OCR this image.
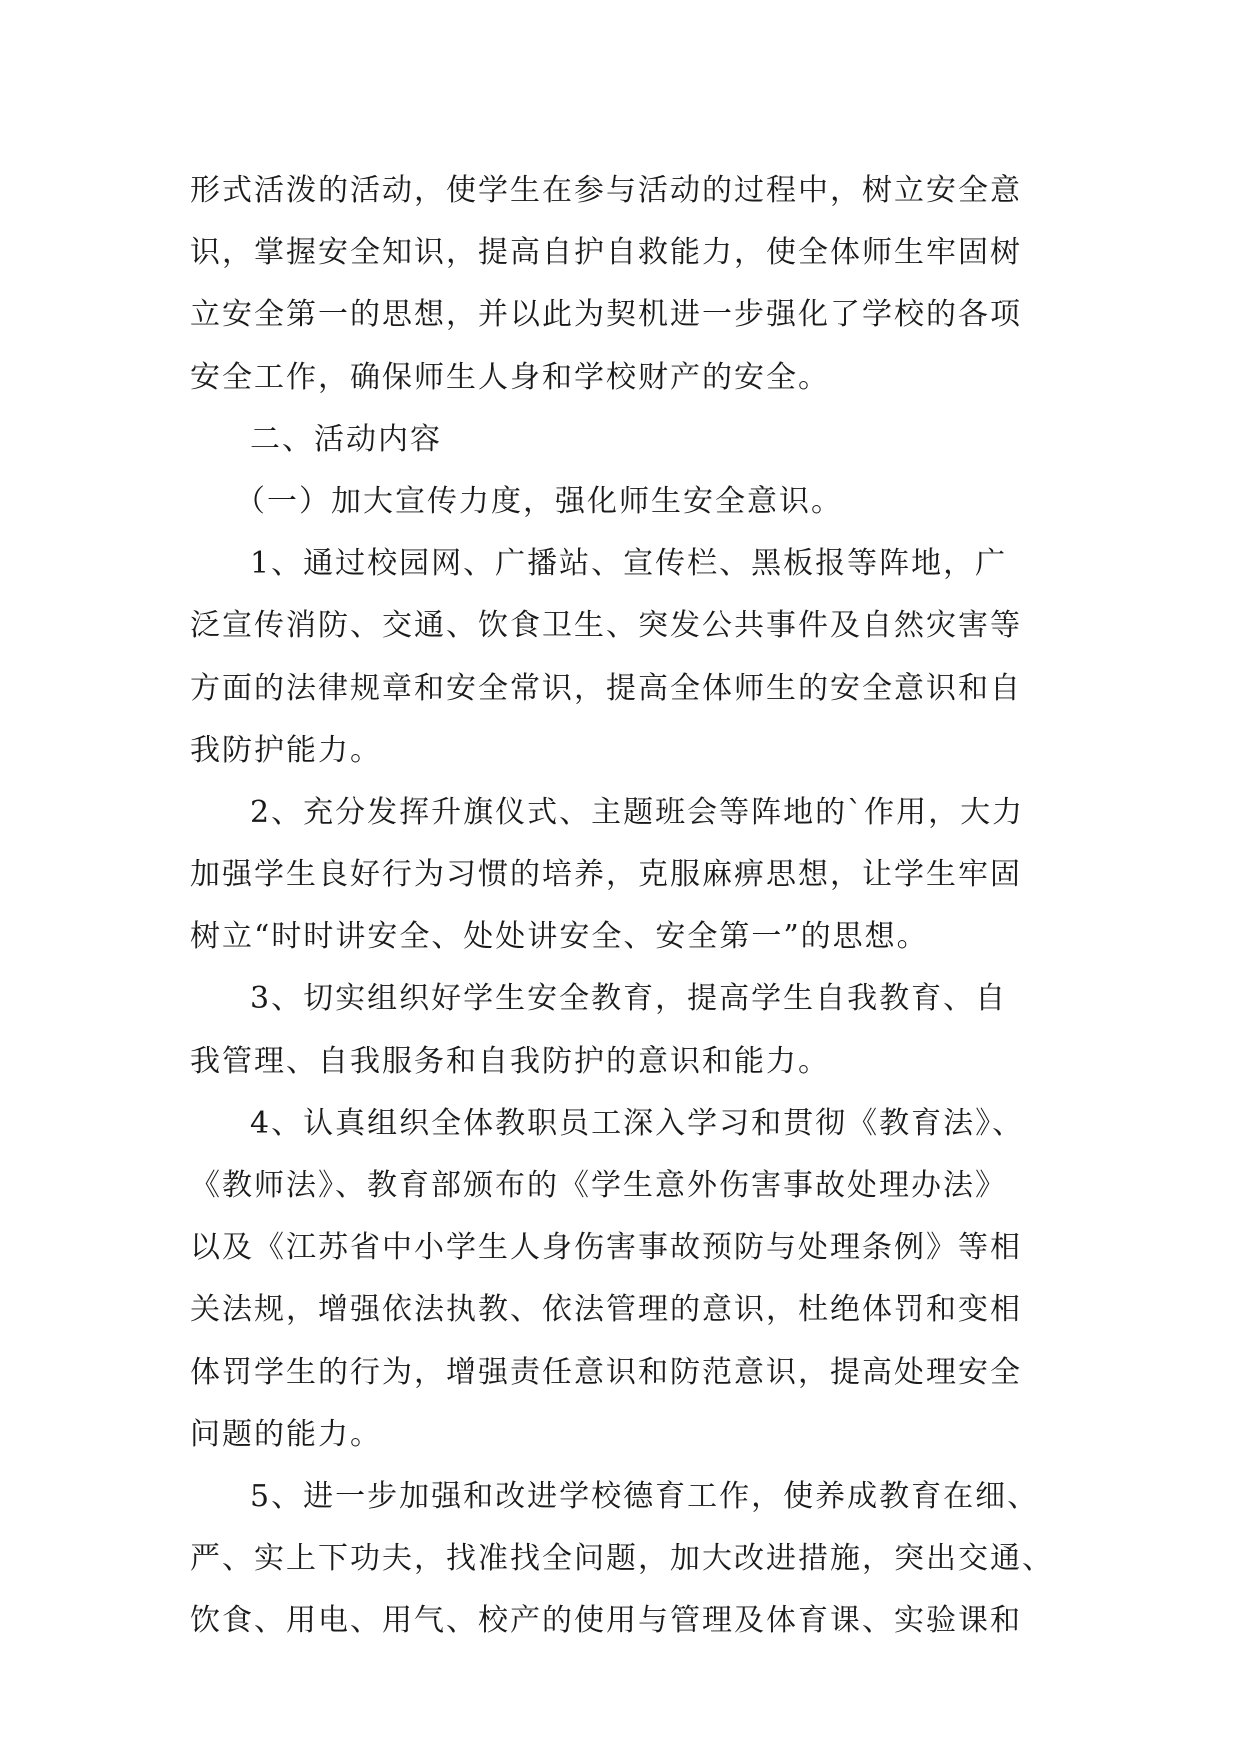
形式活泼的活动，使学生在参与活动的过程中，树立安全意
识，掌握安全知识，提高自护自救能力，使全体师生牢固树
立安全第一的思想，并以此为契机进一步强化了学校的各项
安全工作，确保师生人身和学校财产的安全。
二、活动内容
（一）加大宣传力度，强化师生安全意识。
1、通过校园网、广播站、宣传栏、黑板报等阵地，广
泛宣传消防、交通、饮食卫生、突发公共事件及自然灾害等
方面的法律规章和安全常识，提高全体师生的安全意识和自
我防护能力。
2、充分发挥升旗仪式、主题班会等阵地的`作用，大力
加强学生良好行为习惯的培养，克服麻痹思想，让学生牢固
树立“时时讲安全、处处讲安全、安全第一”的思想。
3、切实组织好学生安全教育，提高学生自我教育、自
我管理、自我服务和自我防护的意识和能力。
4、认真组织全体教职员工深入学习和贯彻《教育法》、
《教师法》、教育部颁布的《学生意外伤害事故处理办法》
以及《江苏省中小学生人身伤害事故预防与处理条例》等相
关法规，增强依法执教、依法管理的意识，杜绝体罚和变相
体罚学生的行为，增强责任意识和防范意识，提高处理安全
问题的能力。
5、进一步加强和改进学校德育工作，使养成教育在细、
严、实上下功夫，找准找全问题，加大改进措施，突出交通、
饮食、用电、用气、校产的使用与管理及体育课、实验课和
